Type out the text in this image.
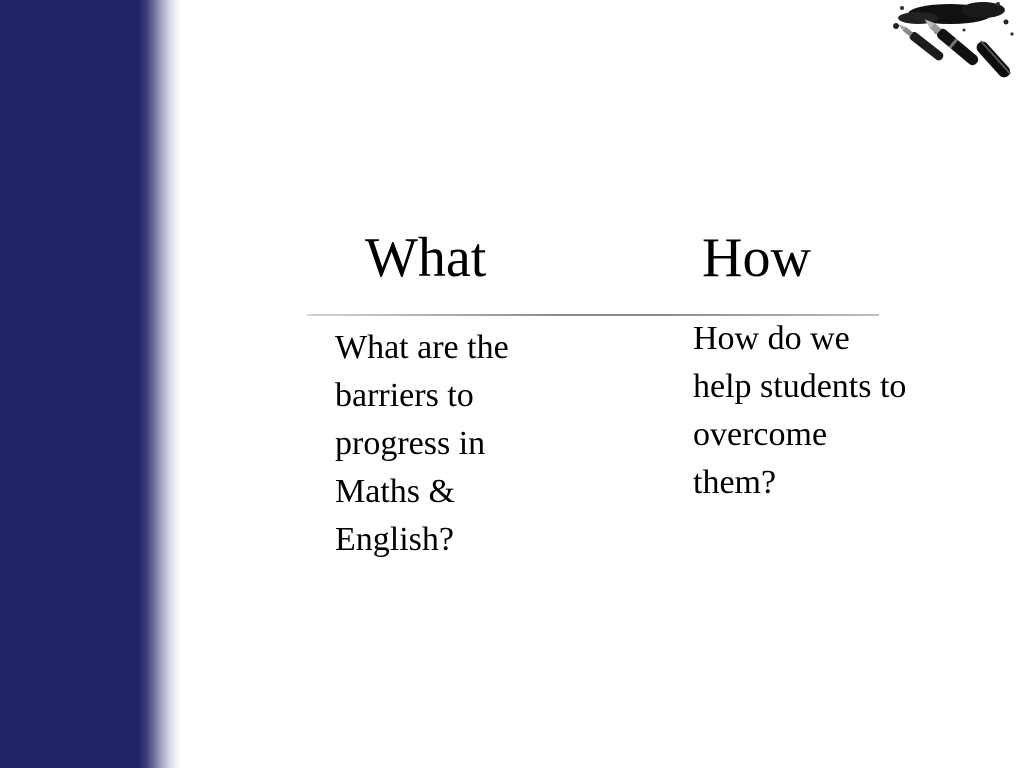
What	How
What are the
barriers to
progress in
Maths &
English?
How do we
help students to
overcome
them?
